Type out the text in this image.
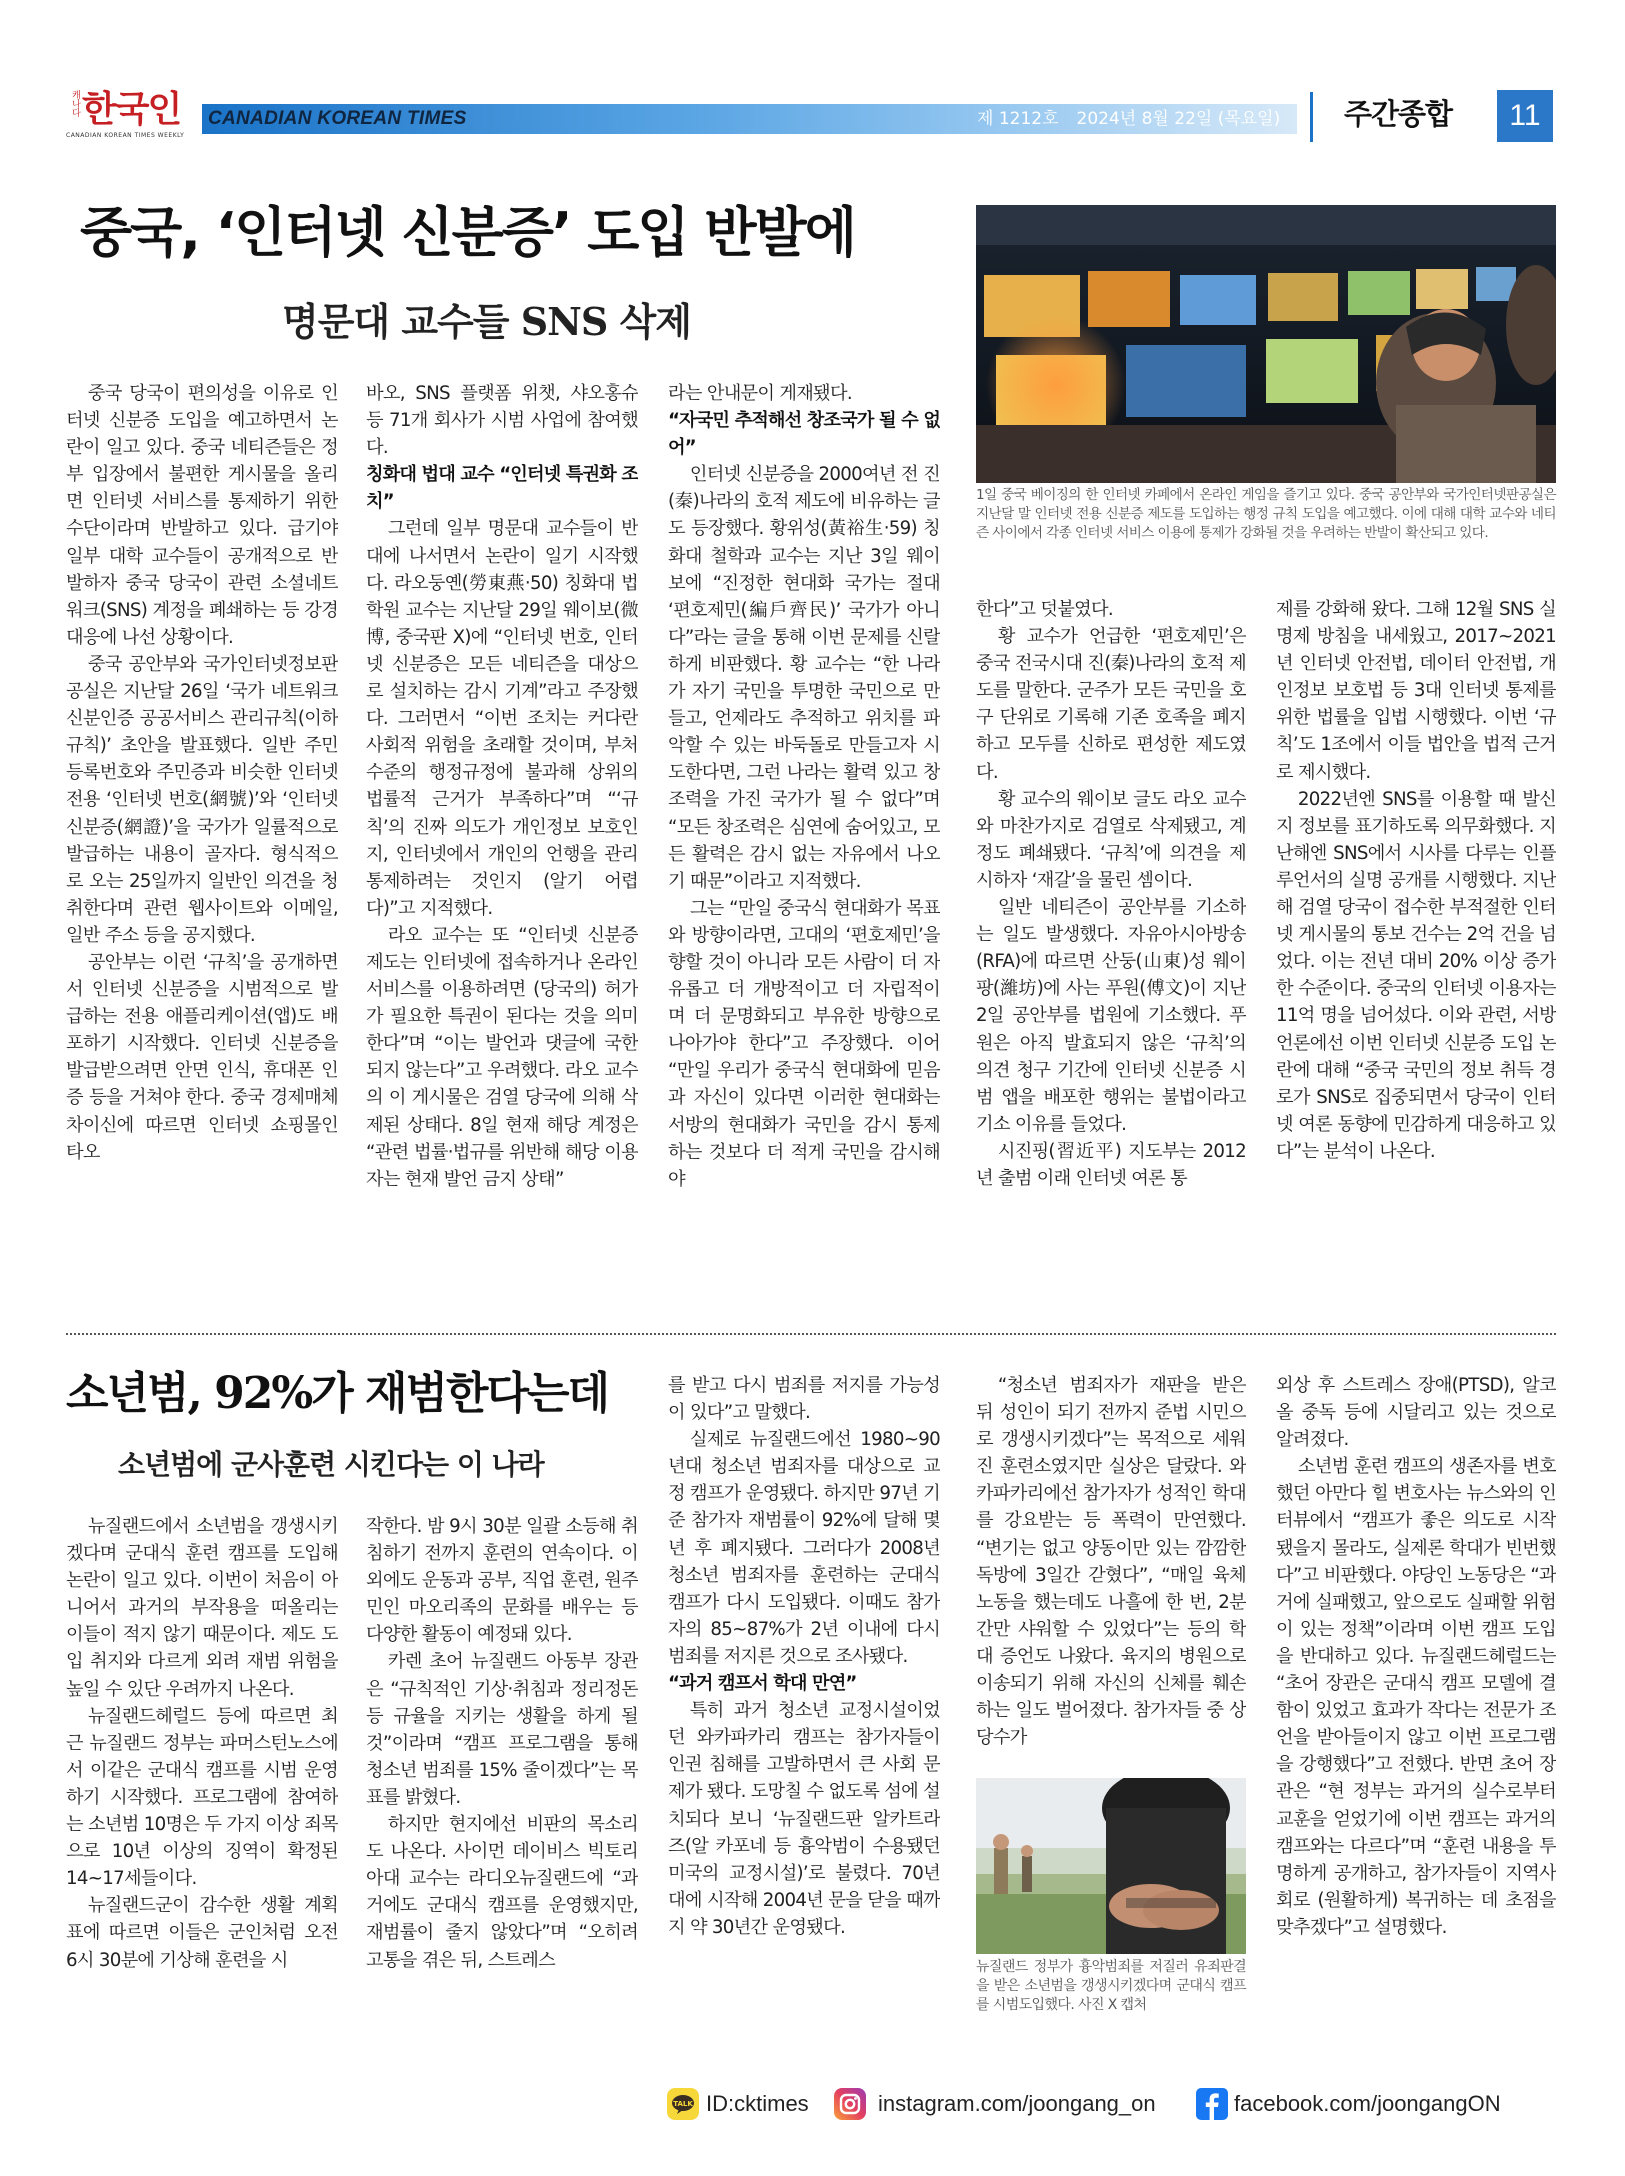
캐나다 한국인
CANADIAN KOREAN TIMES WEEKLY
CANADIAN KOREAN TIMES	제 1212호 2024년 8월 22일 (목요일)	주간종합	11
중국, ‘인터넷 신분증’ 도입 반발에
명문대 교수들 SNS 삭제
1일 중국 베이징의 한 인터넷 카페에서 온라인 게임을 즐기고 있다. 중국 공안부와 국가인터넷판공실은 지난달 말 인터넷 전용 신분증 제도를 도입하는 행정 규칙 도입을 예고했다. 이에 대해 대학 교수와 네티즌 사이에서 각종 인터넷 서비스 이용에 통제가 강화될 것을 우려하는 반발이 확산되고 있다.

중국 당국이 편의성을 이유로 인터넷 신분증 도입을 예고하면서 논란이 일고 있다. 중국 네티즌들은 정부 입장에서 불편한 게시물을 올리면 인터넷 서비스를 통제하기 위한 수단이라며 반발하고 있다. 급기야 일부 대학 교수들이 공개적으로 반발하자 중국 당국이 관련 소셜네트워크(SNS) 계정을 폐쇄하는 등 강경 대응에 나선 상황이다.

중국 공안부와 국가인터넷정보판공실은 지난달 26일 ‘국가 네트워크 신분인증 공공서비스 관리규칙(이하 규칙)’ 초안을 발표했다. 일반 주민등록번호와 주민증과 비슷한 인터넷 전용 ‘인터넷 번호(網號)’와 ‘인터넷 신분증(網證)’을 국가가 일률적으로 발급하는 내용이 골자다. 형식적으로 오는 25일까지 일반인 의견을 청취한다며 관련 웹사이트와 이메일, 일반 주소 등을 공지했다.

공안부는 이런 ‘규칙’을 공개하면서 인터넷 신분증을 시범적으로 발급하는 전용 애플리케이션(앱)도 배포하기 시작했다. 인터넷 신분증을 발급받으려면 안면 인식, 휴대폰 인증 등을 거쳐야 한다. 중국 경제매체 차이신에 따르면 인터넷 쇼핑몰인 타오

바오, SNS 플랫폼 위챗, 샤오홍슈 등 71개 회사가 시범 사업에 참여했다.

칭화대 법대 교수 “인터넷 특권화 조치”

그런데 일부 명문대 교수들이 반대에 나서면서 논란이 일기 시작했다. 라오둥옌(勞東燕·50) 칭화대 법학원 교수는 지난달 29일 웨이보(微博, 중국판 X)에 “인터넷 번호, 인터넷 신분증은 모든 네티즌을 대상으로 설치하는 감시 기계”라고 주장했다. 그러면서 “이번 조치는 커다란 사회적 위험을 초래할 것이며, 부처 수준의 행정규정에 불과해 상위의 법률적 근거가 부족하다”며 “‘규칙’의 진짜 의도가 개인정보 보호인지, 인터넷에서 개인의 언행을 관리 통제하려는 것인지 (알기 어렵다)”고 지적했다.

라오 교수는 또 “인터넷 신분증 제도는 인터넷에 접속하거나 온라인 서비스를 이용하려면 (당국의) 허가가 필요한 특권이 된다는 것을 의미한다”며 “이는 발언과 댓글에 국한되지 않는다”고 우려했다. 라오 교수의 이 게시물은 검열 당국에 의해 삭제된 상태다. 8일 현재 해당 계정은 “관련 법률·법규를 위반해 해당 이용자는 현재 발언 금지 상태”

라는 안내문이 게재됐다.

“자국민 추적해선 창조국가 될 수 없어”

인터넷 신분증을 2000여년 전 진(秦)나라의 호적 제도에 비유하는 글도 등장했다. 황위성(黃裕生·59) 칭화대 철학과 교수는 지난 3일 웨이보에 “진정한 현대화 국가는 절대 ‘편호제민(編戶齊民)’ 국가가 아니다”라는 글을 통해 이번 문제를 신랄하게 비판했다. 황 교수는 “한 나라가 자기 국민을 투명한 국민으로 만들고, 언제라도 추적하고 위치를 파악할 수 있는 바둑돌로 만들고자 시도한다면, 그런 나라는 활력 있고 창조력을 가진 국가가 될 수 없다”며 “모든 창조력은 심연에 숨어있고, 모든 활력은 감시 없는 자유에서 나오기 때문”이라고 지적했다.

그는 “만일 중국식 현대화가 목표와 방향이라면, 고대의 ‘편호제민’을 향할 것이 아니라 모든 사람이 더 자유롭고 더 개방적이고 더 자립적이며 더 문명화되고 부유한 방향으로 나아가야 한다”고 주장했다. 이어 “만일 우리가 중국식 현대화에 믿음과 자신이 있다면 이러한 현대화는 서방의 현대화가 국민을 감시 통제하는 것보다 더 적게 국민을 감시해야

한다”고 덧붙였다.

황 교수가 언급한 ‘편호제민’은 중국 전국시대 진(秦)나라의 호적 제도를 말한다. 군주가 모든 국민을 호구 단위로 기록해 기존 호족을 폐지하고 모두를 신하로 편성한 제도였다.

황 교수의 웨이보 글도 라오 교수와 마찬가지로 검열로 삭제됐고, 계정도 폐쇄됐다. ‘규칙’에 의견을 제시하자 ‘재갈’을 물린 셈이다.

일반 네티즌이 공안부를 기소하는 일도 발생했다. 자유아시아방송(RFA)에 따르면 산둥(山東)성 웨이팡(濰坊)에 사는 푸원(傅文)이 지난 2일 공안부를 법원에 기소했다. 푸원은 아직 발효되지 않은 ‘규칙’의 의견 청구 기간에 인터넷 신분증 시범 앱을 배포한 행위는 불법이라고 기소 이유를 들었다.

시진핑(習近平) 지도부는 2012년 출범 이래 인터넷 여론 통

제를 강화해 왔다. 그해 12월 SNS 실명제 방침을 내세웠고, 2017~2021년 인터넷 안전법, 데이터 안전법, 개인정보 보호법 등 3대 인터넷 통제를 위한 법률을 입법 시행했다. 이번 ‘규칙’도 1조에서 이들 법안을 법적 근거로 제시했다.

2022년엔 SNS를 이용할 때 발신지 정보를 표기하도록 의무화했다. 지난해엔 SNS에서 시사를 다루는 인플루언서의 실명 공개를 시행했다. 지난해 검열 당국이 접수한 부적절한 인터넷 게시물의 통보 건수는 2억 건을 넘었다. 이는 전년 대비 20% 이상 증가한 수준이다. 중국의 인터넷 이용자는 11억 명을 넘어섰다. 이와 관련, 서방 언론에선 이번 인터넷 신분증 도입 논란에 대해 “중국 국민의 정보 취득 경로가 SNS로 집중되면서 당국이 인터넷 여론 동향에 민감하게 대응하고 있다”는 분석이 나온다.

소년범, 92%가 재범한다는데
소년범에 군사훈련 시킨다는 이 나라

뉴질랜드에서 소년범을 갱생시키겠다며 군대식 훈련 캠프를 도입해 논란이 일고 있다. 이번이 처음이 아니어서 과거의 부작용을 떠올리는 이들이 적지 않기 때문이다. 제도 도입 취지와 다르게 외려 재범 위험을 높일 수 있단 우려까지 나온다.

뉴질랜드헤럴드 등에 따르면 최근 뉴질랜드 정부는 파머스턴노스에서 이같은 군대식 캠프를 시범 운영하기 시작했다. 프로그램에 참여하는 소년범 10명은 두 가지 이상 죄목으로 10년 이상의 징역이 확정된 14~17세들이다.

뉴질랜드군이 감수한 생활 계획표에 따르면 이들은 군인처럼 오전 6시 30분에 기상해 훈련을 시

작한다. 밤 9시 30분 일괄 소등해 취침하기 전까지 훈련의 연속이다. 이 외에도 운동과 공부, 직업 훈련, 원주민인 마오리족의 문화를 배우는 등 다양한 활동이 예정돼 있다.

카렌 초어 뉴질랜드 아동부 장관은 “규칙적인 기상·취침과 정리정돈 등 규율을 지키는 생활을 하게 될 것”이라며 “캠프 프로그램을 통해 청소년 범죄를 15% 줄이겠다”는 목표를 밝혔다.

하지만 현지에선 비판의 목소리도 나온다. 사이먼 데이비스 빅토리아대 교수는 라디오뉴질랜드에 “과거에도 군대식 캠프를 운영했지만, 재범률이 줄지 않았다”며 “오히려 고통을 겪은 뒤, 스트레스

를 받고 다시 범죄를 저지를 가능성이 있다”고 말했다.

실제로 뉴질랜드에선 1980~90년대 청소년 범죄자를 대상으로 교정 캠프가 운영됐다. 하지만 97년 기준 참가자 재범률이 92%에 달해 몇 년 후 폐지됐다. 그러다가 2008년 청소년 범죄자를 훈련하는 군대식 캠프가 다시 도입됐다. 이때도 참가자의 85~87%가 2년 이내에 다시 범죄를 저지른 것으로 조사됐다.

“과거 캠프서 학대 만연”

특히 과거 청소년 교정시설이었던 와카파카리 캠프는 참가자들이 인권 침해를 고발하면서 큰 사회 문제가 됐다. 도망칠 수 없도록 섬에 설치되다 보니 ‘뉴질랜드판 알카트라즈(알 카포네 등 흉악범이 수용됐던 미국의 교정시설)’로 불렸다. 70년대에 시작해 2004년 문을 닫을 때까지 약 30년간 운영됐다.

“청소년 범죄자가 재판을 받은 뒤 성인이 되기 전까지 준법 시민으로 갱생시키겠다”는 목적으로 세워진 훈련소였지만 실상은 달랐다. 와카파카리에선 참가자가 성적인 학대를 강요받는 등 폭력이 만연했다. “변기는 없고 양동이만 있는 깜깜한 독방에 3일간 갇혔다”, “매일 육체노동을 했는데도 나흘에 한 번, 2분간만 샤워할 수 있었다”는 등의 학대 증언도 나왔다. 육지의 병원으로 이송되기 위해 자신의 신체를 훼손하는 일도 벌어졌다. 참가자들 중 상당수가

뉴질랜드 정부가 흉악범죄를 저질러 유죄판결을 받은 소년범을 갱생시키겠다며 군대식 캠프를 시범도입했다. 사진 X 캡처

외상 후 스트레스 장애(PTSD), 알코올 중독 등에 시달리고 있는 것으로 알려졌다.

소년범 훈련 캠프의 생존자를 변호했던 아만다 힐 변호사는 뉴스와의 인터뷰에서 “캠프가 좋은 의도로 시작됐을지 몰라도, 실제론 학대가 빈번했다”고 비판했다. 야당인 노동당은 “과거에 실패했고, 앞으로도 실패할 위험이 있는 정책”이라며 이번 캠프 도입을 반대하고 있다. 뉴질랜드헤럴드는 “초어 장관은 군대식 캠프 모델에 결함이 있었고 효과가 작다는 전문가 조언을 받아들이지 않고 이번 프로그램을 강행했다”고 전했다. 반면 초어 장관은 “현 정부는 과거의 실수로부터 교훈을 얻었기에 이번 캠프는 과거의 캠프와는 다르다”며 “훈련 내용을 투명하게 공개하고, 참가자들이 지역사회로 (원활하게) 복귀하는 데 초점을 맞추겠다”고 설명했다.

TALK ID:cktimes	instagram.com/joongang_on	facebook.com/joongangON
